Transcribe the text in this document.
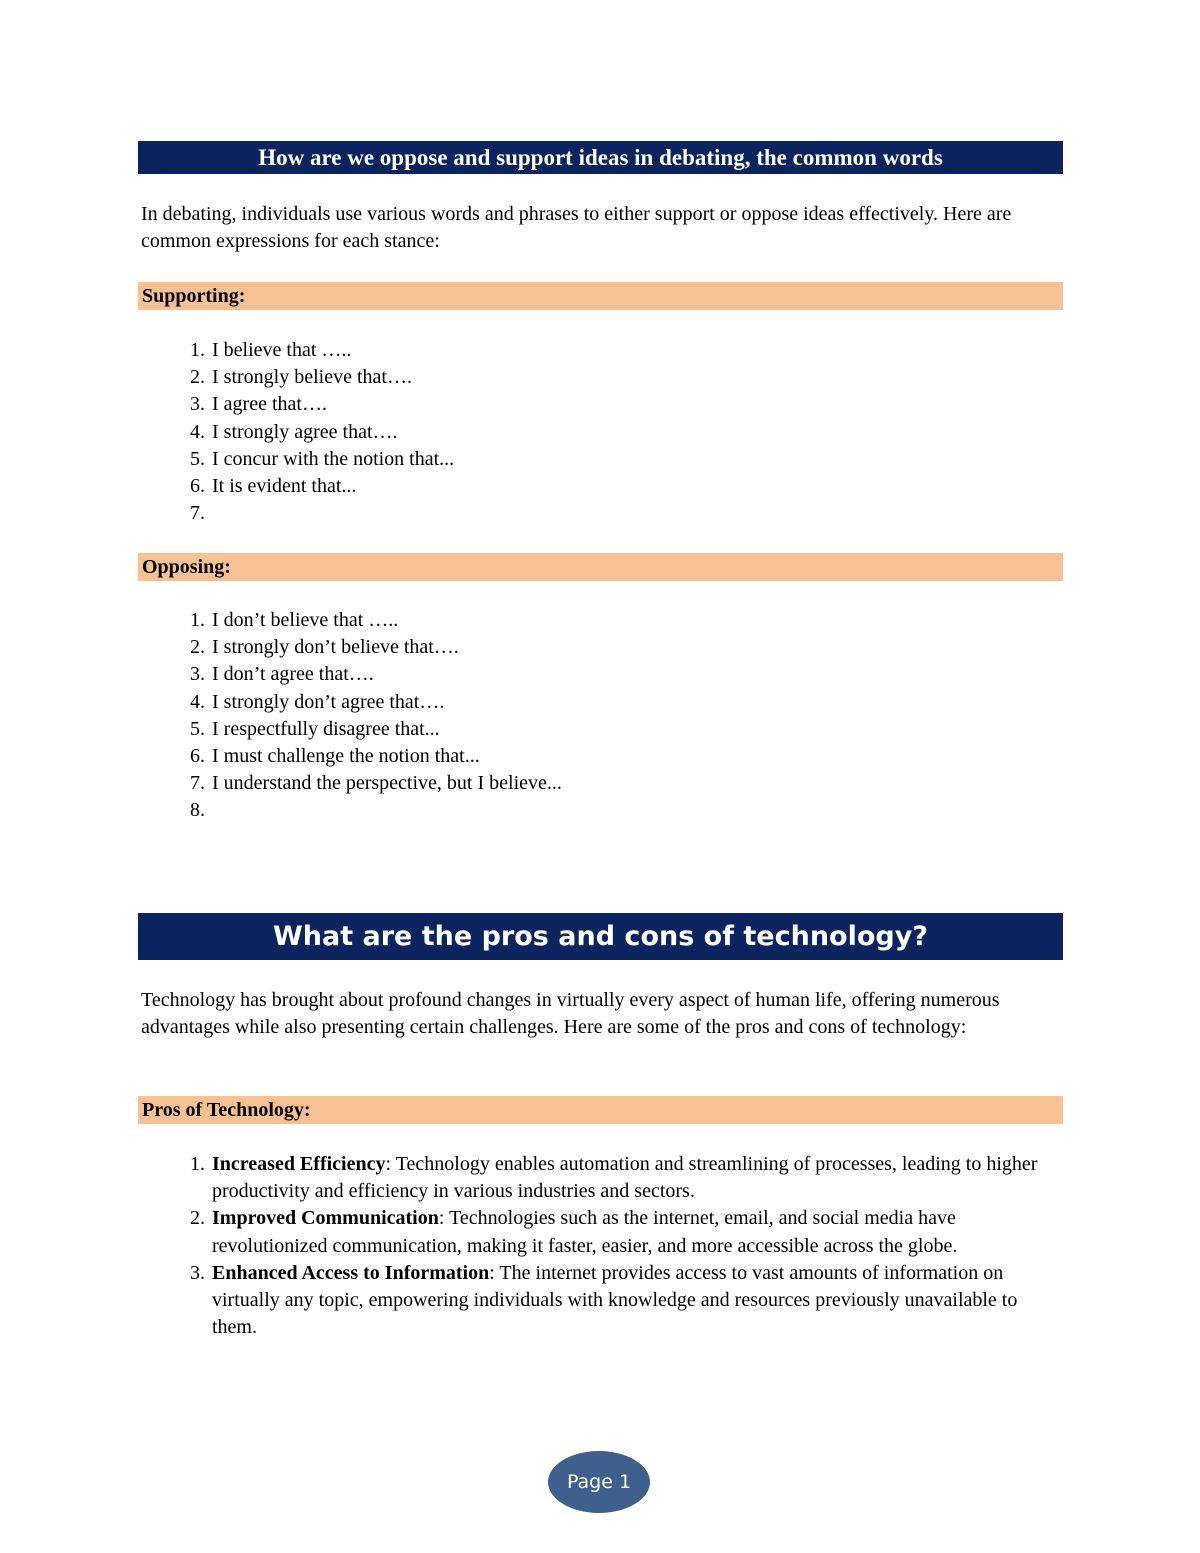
How are we oppose and support ideas in debating, the common words
In debating, individuals use various words and phrases to either support or oppose ideas effectively. Here are common expressions for each stance:
Supporting:
1. I believe that …..
2. I strongly believe that….
3. I agree that….
4. I strongly agree that….
5. I concur with the notion that...
6. It is evident that...
7.

Opposing:
1. I don’t believe that …..
2. I strongly don’t believe that….
3. I don’t agree that….
4. I strongly don’t agree that….
5. I respectfully disagree that...
6. I must challenge the notion that...
7. I understand the perspective, but I believe...
8.

What are the pros and cons of technology?
Technology has brought about profound changes in virtually every aspect of human life, offering numerous advantages while also presenting certain challenges. Here are some of the pros and cons of technology:
Pros of Technology:
1. Increased Efficiency: Technology enables automation and streamlining of processes, leading to higher productivity and efficiency in various industries and sectors.
2. Improved Communication: Technologies such as the internet, email, and social media have revolutionized communication, making it faster, easier, and more accessible across the globe.
3. Enhanced Access to Information: The internet provides access to vast amounts of information on virtually any topic, empowering individuals with knowledge and resources previously unavailable to them.
Page 1
